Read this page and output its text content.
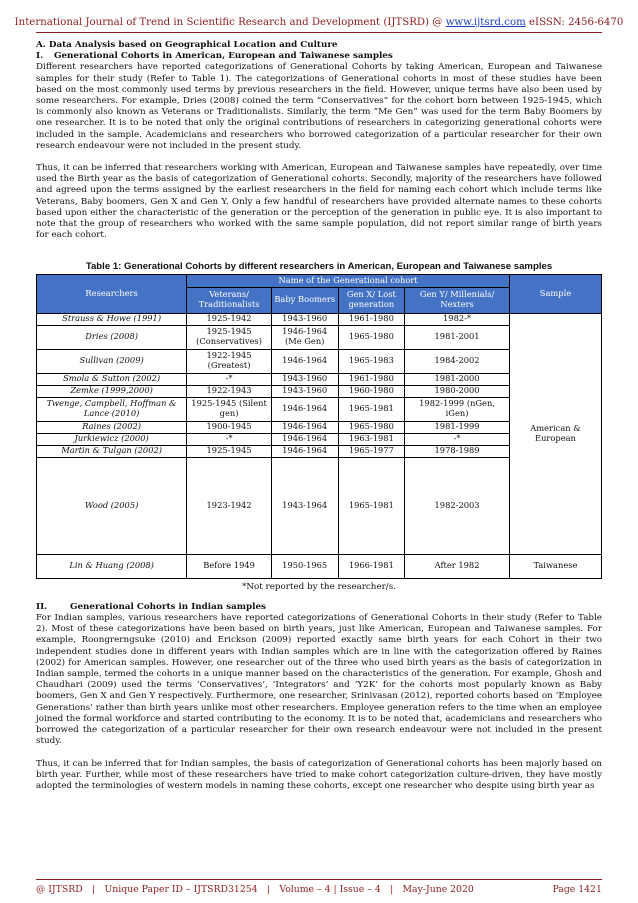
International Journal of Trend in Scientific Research and Development (IJTSRD) @ www.ijtsrd.com eISSN: 2456-6470

A. Data Analysis based on Geographical Location and Culture

I.	Generational Cohorts in American, European and Taiwanese samples

Different researchers have reported categorizations of Generational Cohorts by taking American, European and Taiwanese samples for their study (Refer to Table 1). The categorizations of Generational cohorts in most of these studies have been based on the most commonly used terms by previous researchers in the field. However, unique terms have also been used by some researchers. For example, Dries (2008) coined the term “Conservatives” for the cohort born between 1925-1945, which is commonly also known as Veterans or Traditionalists. Similarly, the term “Me Gen” was used for the term Baby Boomers by one researcher. It is to be noted that only the original contributions of researchers in categorizing generational cohorts were included in the sample. Academicians and researchers who borrowed categorization of a particular researcher for their own research endeavour were not included in the present study.

Thus, it can be inferred that researchers working with American, European and Taiwanese samples have repeatedly, over time used the Birth year as the basis of categorization of Generational cohorts. Secondly, majority of the researchers have followed and agreed upon the terms assigned by the earliest researchers in the field for naming each cohort which include terms like Veterans, Baby boomers, Gen X and Gen Y. Only a few handful of researchers have provided alternate names to these cohorts based upon either the characteristic of the generation or the perception of the generation in public eye. It is also important to note that the group of researchers who worked with the same sample population, did not report similar range of birth years for each cohort.

Table 1: Generational Cohorts by different researchers in American, European and Taiwanese samples
Researchers	Name of the Generational cohort				Sample
	Veterans/ Traditionalists	Baby Boomers	Gen X/ Lost generation	Gen Y/ Millenials/ Nexters	
Strauss & Howe (1991)	1925-1942	1943-1960	1961-1980	1982-*	American & European
Dries (2008)	1925-1945 (Conservatives)	1946-1964 (Me Gen)	1965-1980	1981-2001	
Sullivan (2009)	1922-1945 (Greatest)	1946-1964	1965-1983	1984-2002	
Smola & Sutton (2002)	-*	1943-1960	1961-1980	1981-2000	
Zemke (1999,2000)	1922-1943	1943-1960	1960-1980	1980-2000	
Twenge, Campbell, Hoffman & Lance (2010)	1925-1945 (Silent gen)	1946-1964	1965-1981	1982-1999 (nGen, iGen)	
Raines (2002)	1900-1945	1946-1964	1965-1980	1981-1999	
Jurkiewicz (2000)	-*	1946-1964	1963-1981	-*	
Martin & Tulgan (2002)	1925-1945	1946-1964	1965-1977	1978-1989	
Wood (2005)	1923-1942	1943-1964	1965-1981	1982-2003	
Lin & Huang (2008)	Before 1949	1950-1965	1966-1981	After 1982	Taiwanese
*Not reported by the researcher/s.
II.	Generational Cohorts in Indian samples

For Indian samples, various researchers have reported categorizations of Generational Cohorts in their study (Refer to Table 2). Most of these categorizations have been based on birth years, just like American, European and Taiwanese samples. For example, Roongrerngsuke (2010) and Erickson (2009) reported exactly same birth years for each Cohort in their two independent studies done in different years with Indian samples which are in line with the categorization offered by Raines (2002) for American samples. However, one researcher out of the three who used birth years as the basis of categorization in Indian sample, termed the cohorts in a unique manner based on the characteristics of the generation. For example, Ghosh and Chaudhari (2009) used the terms ‘Conservatives’, ‘Integrators’ and ‘Y2K’ for the cohorts most popularly known as Baby boomers, Gen X and Gen Y respectively. Furthermore, one researcher, Srinivasan (2012), reported cohorts based on ‘Employee Generations’ rather than birth years unlike most other researchers. Employee generation refers to the time when an employee joined the formal workforce and started contributing to the economy. It is to be noted that, academicians and researchers who borrowed the categorization of a particular researcher for their own research endeavour were not included in the present study.

Thus, it can be inferred that for Indian samples, the basis of categorization of Generational cohorts has been majorly based on birth year. Further, while most of these researchers have tried to make cohort categorization culture-driven, they have mostly adopted the terminologies of western models in naming these cohorts, except one researcher who despite using birth year as

@ IJTSRD | Unique Paper ID – IJTSRD31254 | Volume – 4 | Issue – 4 | May-June 2020	Page 1421
